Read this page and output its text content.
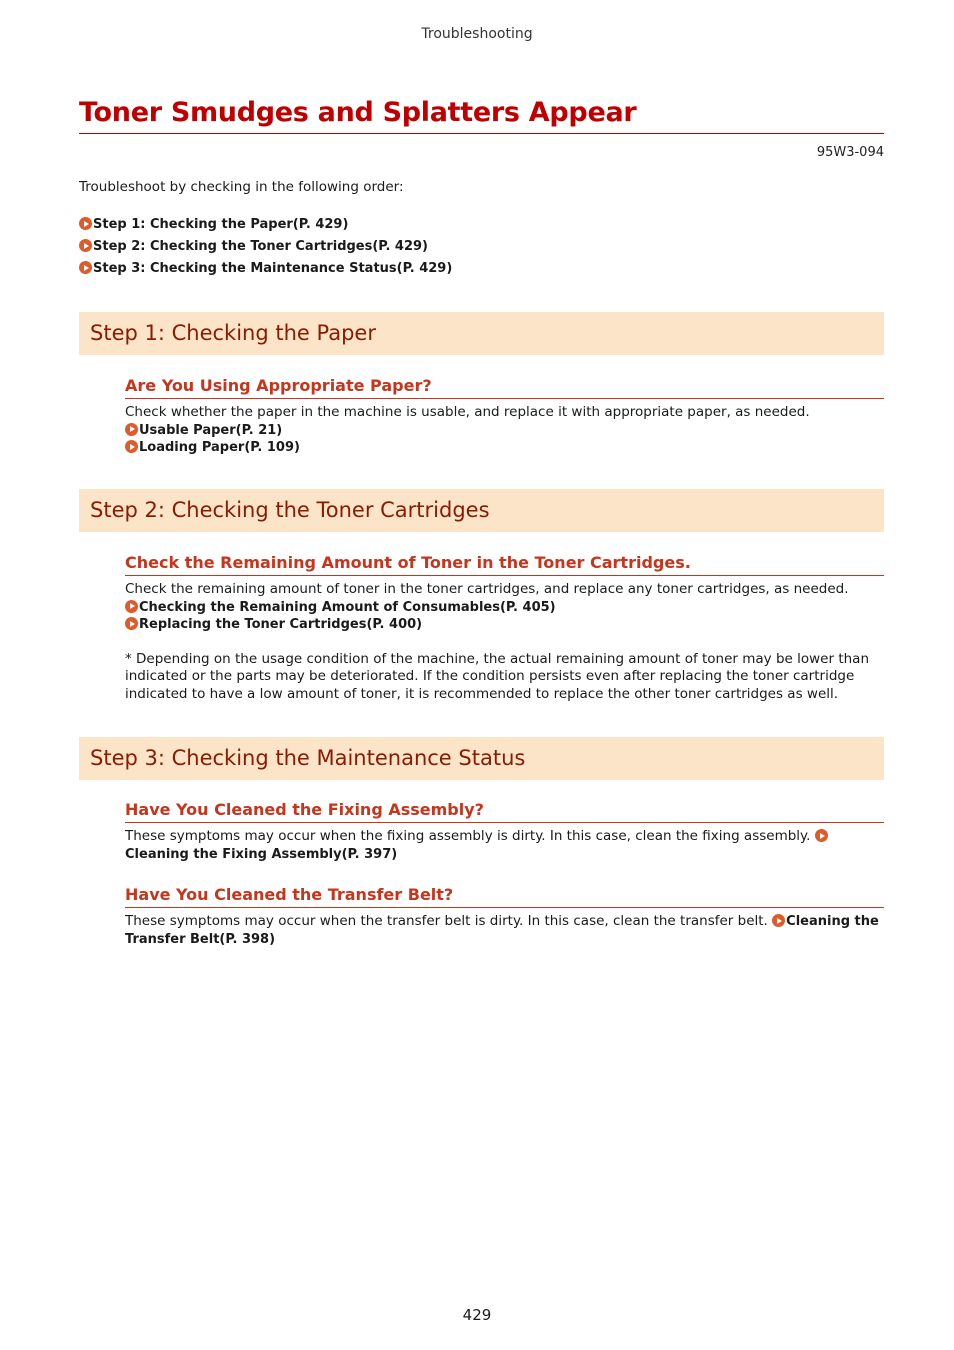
Troubleshooting
Toner Smudges and Splatters Appear
95W3-094
Troubleshoot by checking in the following order:
Step 1: Checking the Paper(P. 429)
Step 2: Checking the Toner Cartridges(P. 429)
Step 3: Checking the Maintenance Status(P. 429)
Step 1: Checking the Paper
Are You Using Appropriate Paper?
Check whether the paper in the machine is usable, and replace it with appropriate paper, as needed.
Usable Paper(P. 21)
Loading Paper(P. 109)
Step 2: Checking the Toner Cartridges
Check the Remaining Amount of Toner in the Toner Cartridges.
Check the remaining amount of toner in the toner cartridges, and replace any toner cartridges, as needed.
Checking the Remaining Amount of Consumables(P. 405)
Replacing the Toner Cartridges(P. 400)
* Depending on the usage condition of the machine, the actual remaining amount of toner may be lower than indicated or the parts may be deteriorated. If the condition persists even after replacing the toner cartridge indicated to have a low amount of toner, it is recommended to replace the other toner cartridges as well.
Step 3: Checking the Maintenance Status
Have You Cleaned the Fixing Assembly?
These symptoms may occur when the fixing assembly is dirty. In this case, clean the fixing assembly.
Cleaning the Fixing Assembly(P. 397)
Have You Cleaned the Transfer Belt?
These symptoms may occur when the transfer belt is dirty. In this case, clean the transfer belt. Cleaning the Transfer Belt(P. 398)
429
